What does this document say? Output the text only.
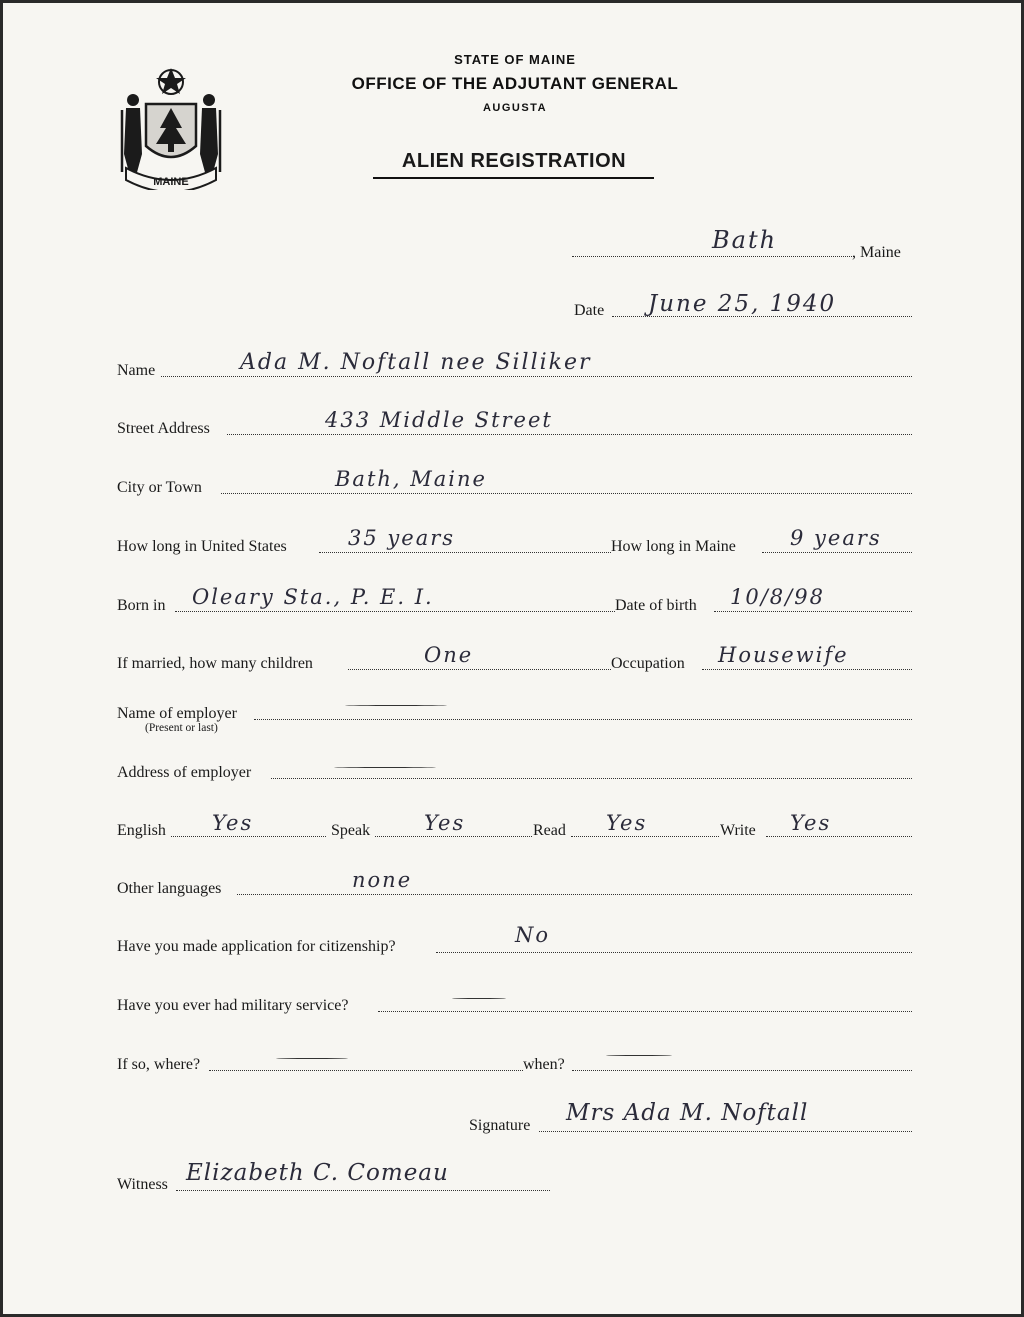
MAINE
STATE OF MAINE
OFFICE OF THE ADJUTANT GENERAL
AUGUSTA
ALIEN REGISTRATION
Bath	, Maine
Date June 25, 1940
Name	Ada M. Noftall nee Silliker
Street Address	433 Middle Street
City or Town	Bath, Maine
How long in United States	35 years	How long in Maine	9 years
Born in Oleary Sta., P. E. I.	Date of birth 10/8/98
If married, how many children	One	Occupation Housewife
Name of employer
(Present or last)
Address of employer
English Yes	Speak	Yes	Read Yes	Write Yes
Other languages	none
Have you made application for citizenship?	No
Have you ever had military service?
If so, where?	when?
Signature Mrs Ada M. Noftall
Witness Elizabeth C. Comeau
